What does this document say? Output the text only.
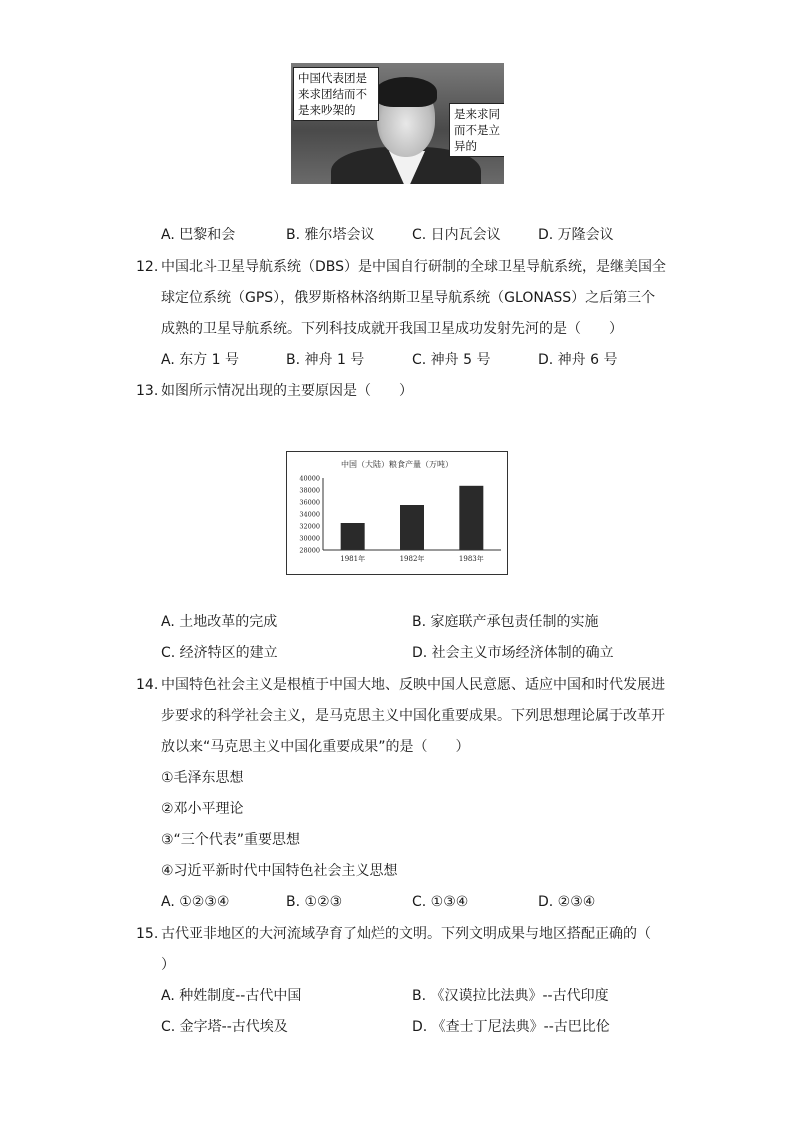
中国代表团是
来求团结而不
是来吵架的	是来求同
而不是立
异的
A. 巴黎和会	B. 雅尔塔会议	C. 日内瓦会议	D. 万隆会议
12. 中国北斗卫星导航系统（DBS）是中国自行研制的全球卫星导航系统，是继美国全
球定位系统（GPS），俄罗斯格林洛纳斯卫星导航系统（GLONASS）之后第三个
成熟的卫星导航系统。下列科技成就开我国卫星成功发射先河的是（　　）
A. 东方 1 号	B. 神舟 1 号	C. 神舟 5 号	D. 神舟 6 号
13. 如图所示情况出现的主要原因是（　　）
中国（大陆）粮食产量（万吨）
40000
38000
36000
34000
32000
30000
28000
1981年	1982年	1983年
A. 土地改革的完成	B. 家庭联产承包责任制的实施
C. 经济特区的建立	D. 社会主义市场经济体制的确立
14. 中国特色社会主义是根植于中国大地、反映中国人民意愿、适应中国和时代发展进
步要求的科学社会主义，是马克思主义中国化重要成果。下列思想理论属于改革开
放以来“马克思主义中国化重要成果”的是（　　）
①毛泽东思想
②邓小平理论
③“三个代表”重要思想
④习近平新时代中国特色社会主义思想
A. ①②③④	B. ①②③	C. ①③④	D. ②③④
15. 古代亚非地区的大河流域孕育了灿烂的文明。下列文明成果与地区搭配正确的（
）
A. 种姓制度--古代中国	B. 《汉谟拉比法典》--古代印度
C. 金字塔--古代埃及	D. 《查士丁尼法典》--古巴比伦
